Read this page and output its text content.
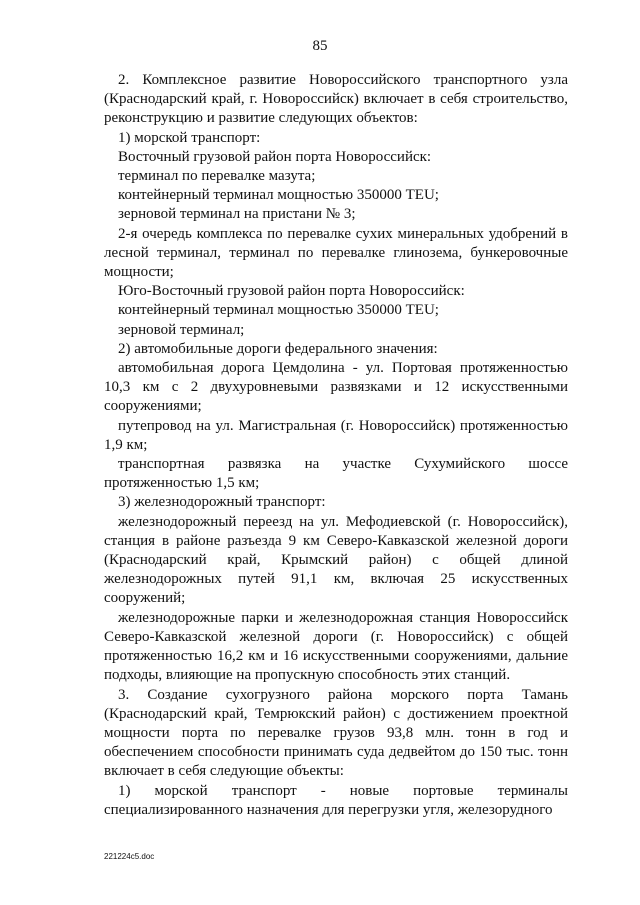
85

2. Комплексное развитие Новороссийского транспортного узла (Краснодарский край, г. Новороссийск) включает в себя строительство, реконструкцию и развитие следующих объектов:

1) морской транспорт:

Восточный грузовой район порта Новороссийск:

терминал по перевалке мазута;

контейнерный терминал мощностью 350000 TEU;

зерновой терминал на пристани № 3;

2-я очередь комплекса по перевалке сухих минеральных удобрений в лесной терминал, терминал по перевалке глинозема, бункеровочные мощности;

Юго-Восточный грузовой район порта Новороссийск:

контейнерный терминал мощностью 350000 TEU;

зерновой терминал;

2) автомобильные дороги федерального значения:

автомобильная дорога Цемдолина - ул. Портовая протяженностью 10,3 км с 2 двухуровневыми развязками и 12 искусственными сооружениями;

путепровод на ул. Магистральная (г. Новороссийск) протяженностью 1,9 км;

транспортная развязка на участке Сухумийского шоссе протяженностью 1,5 км;

3) железнодорожный транспорт:

железнодорожный переезд на ул. Мефодиевской (г. Новороссийск), станция в районе разъезда 9 км Северо-Кавказской железной дороги (Краснодарский край, Крымский район) с общей длиной железнодорожных путей 91,1 км, включая 25 искусственных сооружений;

железнодорожные парки и железнодорожная станция Новороссийск Северо-Кавказской железной дороги (г. Новороссийск) с общей протяженностью 16,2 км и 16 искусственными сооружениями, дальние подходы, влияющие на пропускную способность этих станций.

3. Создание сухогрузного района морского порта Тамань (Краснодарский край, Темрюкский район) с достижением проектной мощности порта по перевалке грузов 93,8 млн. тонн в год и обеспечением способности принимать суда дедвейтом до 150 тыс. тонн включает в себя следующие объекты:

1) морской транспорт - новые портовые терминалы специализированного назначения для перегрузки угля, железорудного

221224c5.doc
